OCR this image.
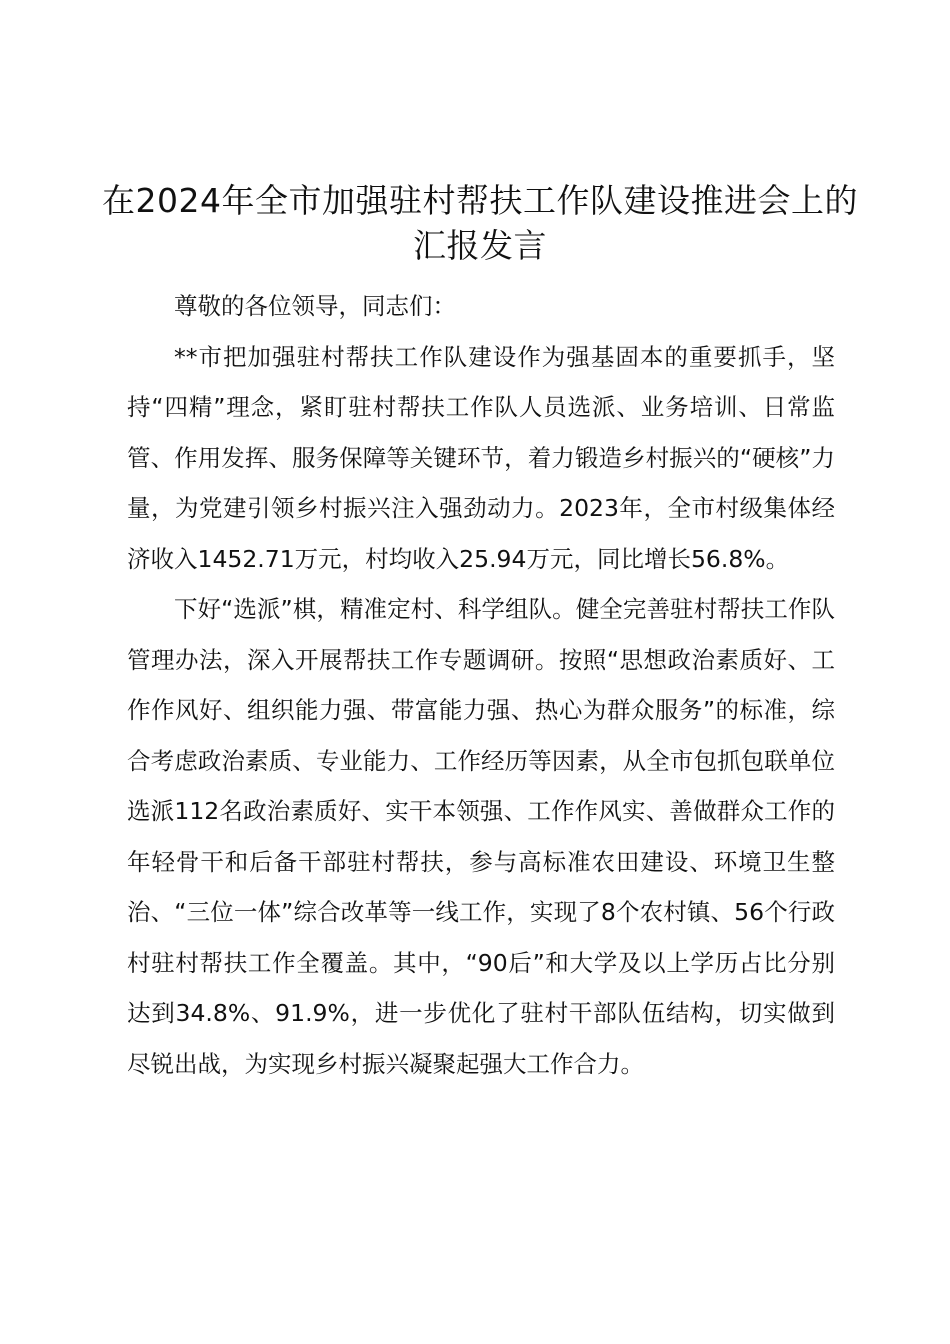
在2024年全市加强驻村帮扶工作队建设推进会上的汇报发言

尊敬的各位领导，同志们：

**市把加强驻村帮扶工作队建设作为强基固本的重要抓手，坚持“四精”理念，紧盯驻村帮扶工作队人员选派、业务培训、日常监管、作用发挥、服务保障等关键环节，着力锻造乡村振兴的“硬核”力量，为党建引领乡村振兴注入强劲动力。2023年，全市村级集体经济收入1452.71万元，村均收入25.94万元，同比增长56.8%。

下好“选派”棋，精准定村、科学组队。健全完善驻村帮扶工作队管理办法，深入开展帮扶工作专题调研。按照“思想政治素质好、工作作风好、组织能力强、带富能力强、热心为群众服务”的标准，综合考虑政治素质、专业能力、工作经历等因素，从全市包抓包联单位选派112名政治素质好、实干本领强、工作作风实、善做群众工作的年轻骨干和后备干部驻村帮扶，参与高标准农田建设、环境卫生整治、“三位一体”综合改革等一线工作，实现了8个农村镇、56个行政村驻村帮扶工作全覆盖。其中，“90后”和大学及以上学历占比分别达到34.8%、91.9%，进一步优化了驻村干部队伍结构，切实做到尽锐出战，为实现乡村振兴凝聚起强大工作合力。
